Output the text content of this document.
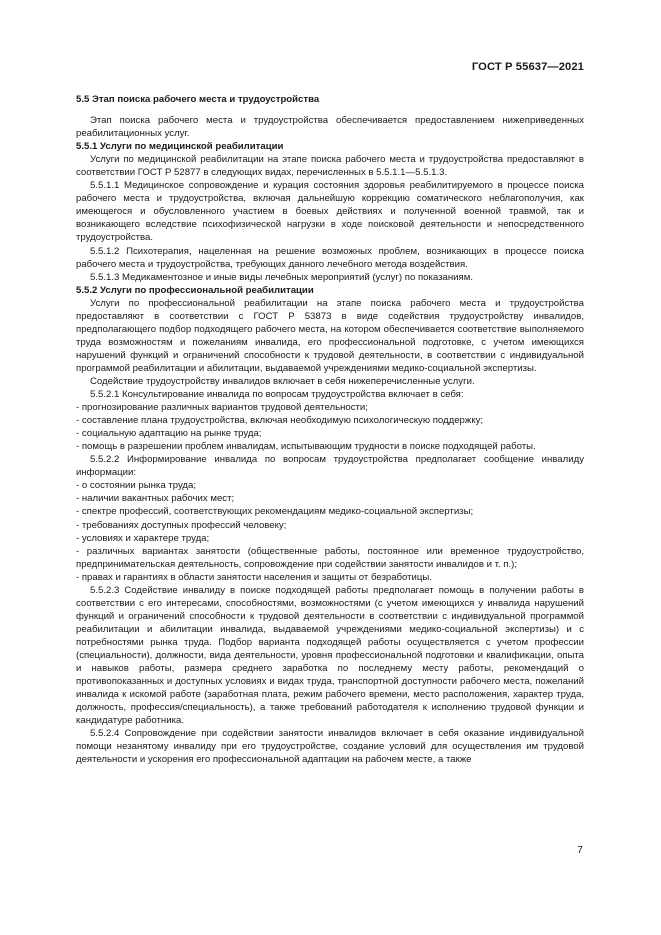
ГОСТ Р 55637—2021

5.5 Этап поиска рабочего места и трудоустройства

Этап поиска рабочего места и трудоустройства обеспечивается предоставлением нижеприведенных реабилитационных услуг.

5.5.1 Услуги по медицинской реабилитации

Услуги по медицинской реабилитации на этапе поиска рабочего места и трудоустройства предоставляют в соответствии ГОСТ Р 52877 в следующих видах, перечисленных в 5.5.1.1—5.5.1.3.

5.5.1.1 Медицинское сопровождение и курация состояния здоровья реабилитируемого в процессе поиска рабочего места и трудоустройства, включая дальнейшую коррекцию соматического неблагополучия, как имеющегося и обусловленного участием в боевых действиях и полученной военной травмой, так и возникающего вследствие психофизической нагрузки в ходе поисковой деятельности и непосредственного трудоустройства.

5.5.1.2 Психотерапия, нацеленная на решение возможных проблем, возникающих в процессе поиска рабочего места и трудоустройства, требующих данного лечебного метода воздействия.

5.5.1.3 Медикаментозное и иные виды лечебных мероприятий (услуг) по показаниям.

5.5.2 Услуги по профессиональной реабилитации

Услуги по профессиональной реабилитации на этапе поиска рабочего места и трудоустройства предоставляют в соответствии с ГОСТ Р 53873 в виде содействия трудоустройству инвалидов, предполагающего подбор подходящего рабочего места, на котором обеспечивается соответствие выполняемого труда возможностям и пожеланиям инвалида, его профессиональной подготовке, с учетом имеющихся нарушений функций и ограничений способности к трудовой деятельности, в соответствии с индивидуальной программой реабилитации и абилитации, выдаваемой учреждениями медико-социальной экспертизы.

Содействие трудоустройству инвалидов включает в себя нижеперечисленные услуги.

5.5.2.1 Консультирование инвалида по вопросам трудоустройства включает в себя:

- прогнозирование различных вариантов трудовой деятельности;

- составление плана трудоустройства, включая необходимую психологическую поддержку;

- социальную адаптацию на рынке труда;

- помощь в разрешении проблем инвалидам, испытывающим трудности в поиске подходящей работы.

5.5.2.2 Информирование инвалида по вопросам трудоустройства предполагает сообщение инвалиду информации:

- о состоянии рынка труда;

- наличии вакантных рабочих мест;

- спектре профессий, соответствующих рекомендациям медико-социальной экспертизы;

- требованиях доступных профессий человеку;

- условиях и характере труда;

- различных вариантах занятости (общественные работы, постоянное или временное трудоустройство, предпринимательская деятельность, сопровождение при содействии занятости инвалидов и т. п.);

- правах и гарантиях в области занятости населения и защиты от безработицы.

5.5.2.3 Содействие инвалиду в поиске подходящей работы предполагает помощь в получении работы в соответствии с его интересами, способностями, возможностями (с учетом имеющихся у инвалида нарушений функций и ограничений способности к трудовой деятельности в соответствии с индивидуальной программой реабилитации и абилитации инвалида, выдаваемой учреждениями медико-социальной экспертизы) и с потребностями рынка труда. Подбор варианта подходящей работы осуществляется с учетом профессии (специальности), должности, вида деятельности, уровня профессиональной подготовки и квалификации, опыта и навыков работы, размера среднего заработка по последнему месту работы, рекомендаций о противопоказанных и доступных условиях и видах труда, транспортной доступности рабочего места, пожеланий инвалида к искомой работе (заработная плата, режим рабочего времени, место расположения, характер труда, должность, профессия/специальность), а также требований работодателя к исполнению трудовой функции и кандидатуре работника.

5.5.2.4 Сопровождение при содействии занятости инвалидов включает в себя оказание индивидуальной помощи незанятому инвалиду при его трудоустройстве, создание условий для осуществления им трудовой деятельности и ускорения его профессиональной адаптации на рабочем месте, а также

7
